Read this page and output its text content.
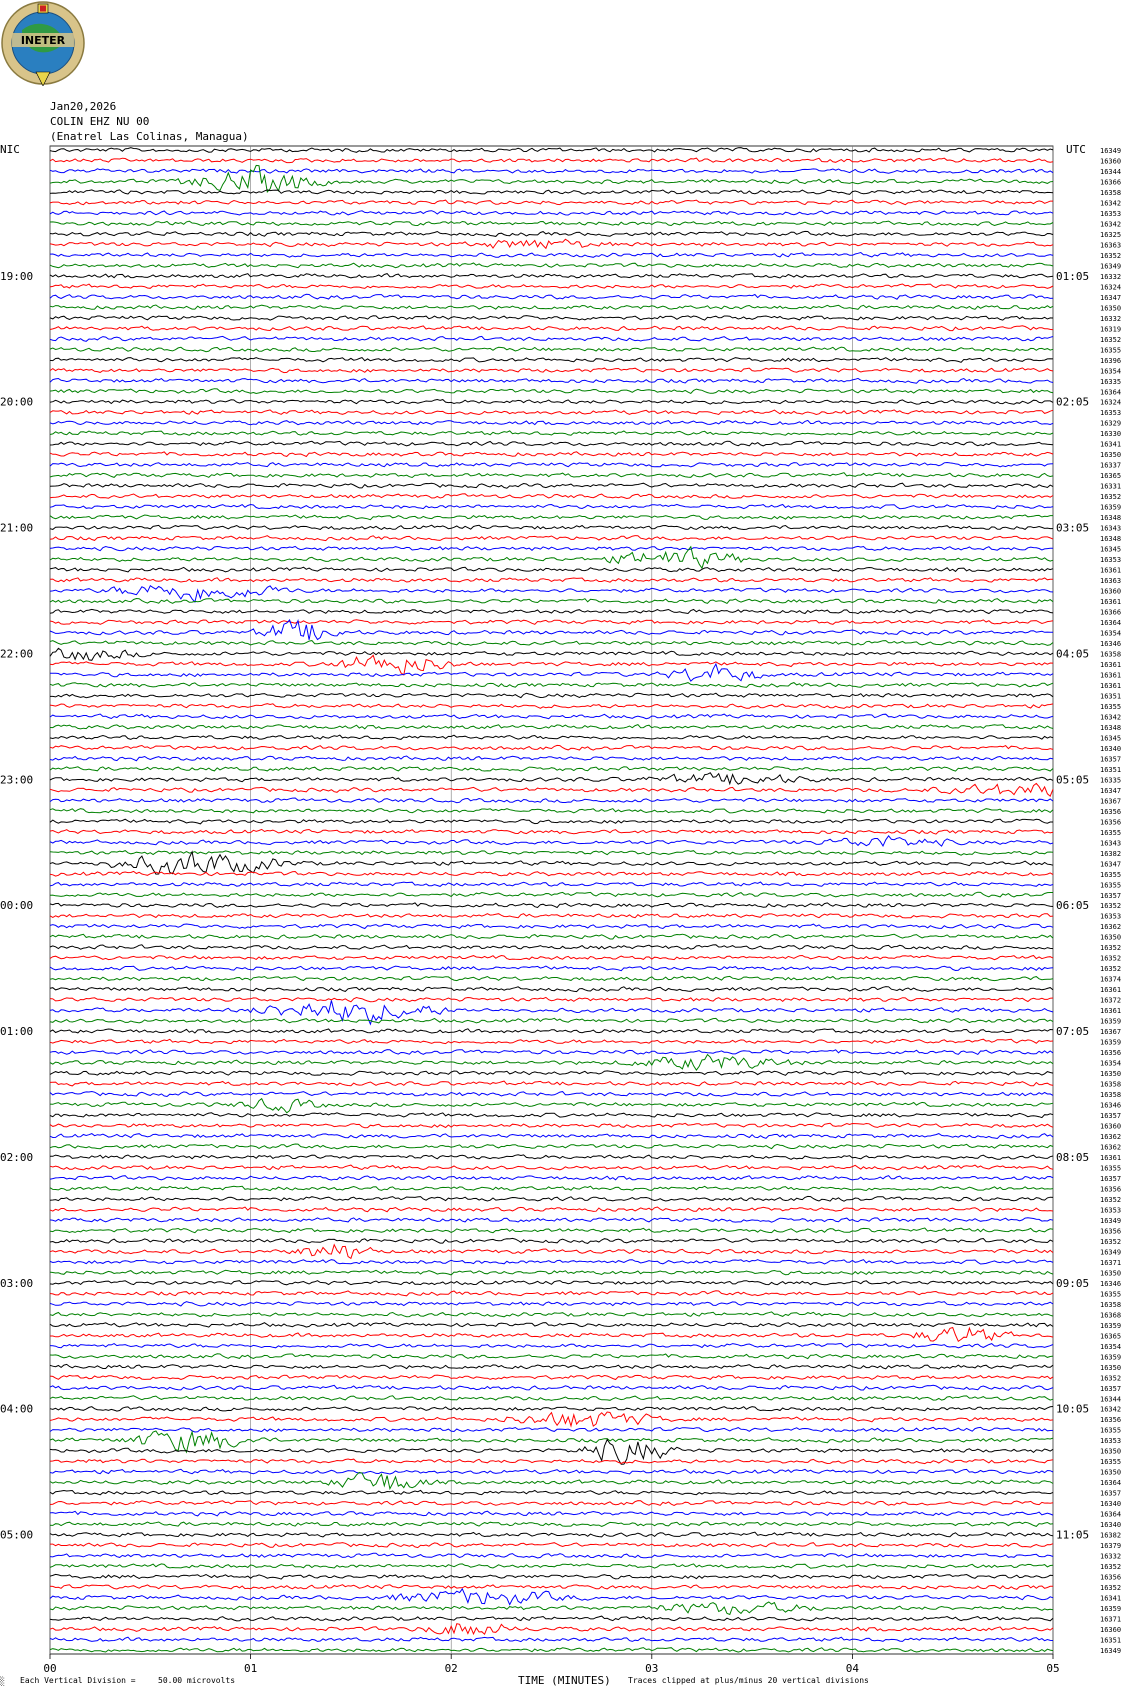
INETER
Jan20,2026
COLIN EHZ NU 00
(Enatrel Las Colinas, Managua)
NIC	UTC
19:00	01:05
20:00	02:05
21:00	03:05
22:00	04:05
23:00	05:05
00:00	06:05
01:00	07:05
02:00	08:05
03:00	09:05
04:00	10:05
05:00	11:05
16349
16360
16344
16366
16358
16342
16353
16342
16325
16363
16352
16349
16332
16324
16347
16350
16332
16319
16352
16355
16396
16354
16335
16364
16324
16353
16329
16330
16341
16350
16337
16365
16331
16352
16359
16348
16343
16348
16345
16353
16361
16363
16360
16361
16366
16364
16354
16346
16358
16361
16361
16361
16351
16355
16342
16348
16345
16340
16357
16351
16335
16347
16367
16356
16356
16355
16343
16382
16347
16355
16355
16357
16352
16353
16362
16350
16352
16352
16352
16374
16361
16372
16361
16359
16367
16359
16356
16354
16350
16358
16358
16346
16357
16360
16362
16362
16361
16355
16357
16356
16352
16353
16349
16356
16352
16349
16371
16350
16346
16355
16358
16368
16359
16365
16354
16359
16350
16352
16357
16344
16342
16356
16355
16353
16350
16355
16350
16364
16357
16340
16364
16340
16382
16379
16332
16352
16356
16352
16341
16359
16371
16360
16351
16349
00	01	02	03	04	05
░ Each Vertical Division =	50.00 microvolts	TIME (MINUTES) Traces clipped at plus/minus 20 vertical divisions
